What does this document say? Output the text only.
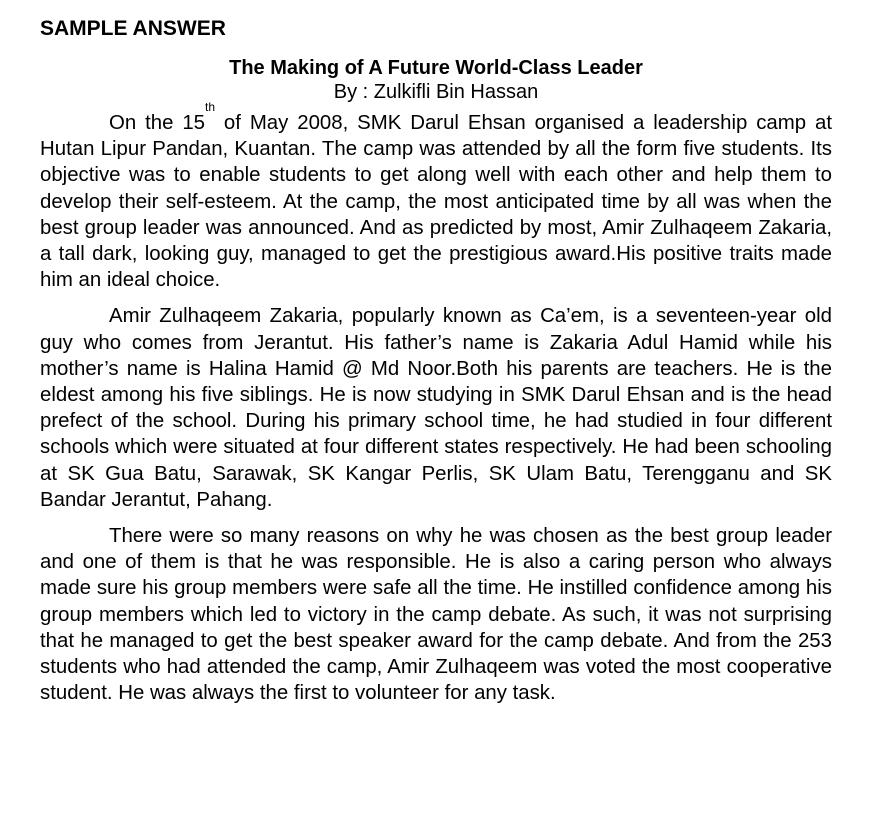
SAMPLE ANSWER
The Making of A Future World-Class Leader
By : Zulkifli Bin Hassan

On the 15th of May 2008, SMK Darul Ehsan organised a leadership camp at Hutan Lipur Pandan, Kuantan. The camp was attended by all the form five students. Its objective was to enable students to get along well with each other and help them to develop their self-esteem. At the camp, the most anticipated time by all was when the best group leader was announced. And as predicted by most, Amir Zulhaqeem Zakaria, a tall dark, looking guy, managed to get the prestigious award.His positive traits made him an ideal choice.

Amir Zulhaqeem Zakaria, popularly known as Ca’em, is a seventeen-year old guy who comes from Jerantut. His father’s name is Zakaria Adul Hamid while his mother’s name is Halina Hamid @ Md Noor.Both his parents are teachers. He is the eldest among his five siblings. He is now studying in SMK Darul Ehsan and is the head prefect of the school. During his primary school time, he had studied in four different schools which were situated at four different states respectively. He had been schooling at SK Gua Batu, Sarawak, SK Kangar Perlis, SK Ulam Batu, Terengganu and SK Bandar Jerantut, Pahang.

There were so many reasons on why he was chosen as the best group leader and one of them is that he was responsible. He is also a caring person who always made sure his group members were safe all the time. He instilled confidence among his group members which led to victory in the camp debate. As such, it was not surprising that he managed to get the best speaker award for the camp debate. And from the 253 students who had attended the camp, Amir Zulhaqeem was voted the most cooperative student. He was always the first to volunteer for any task.
